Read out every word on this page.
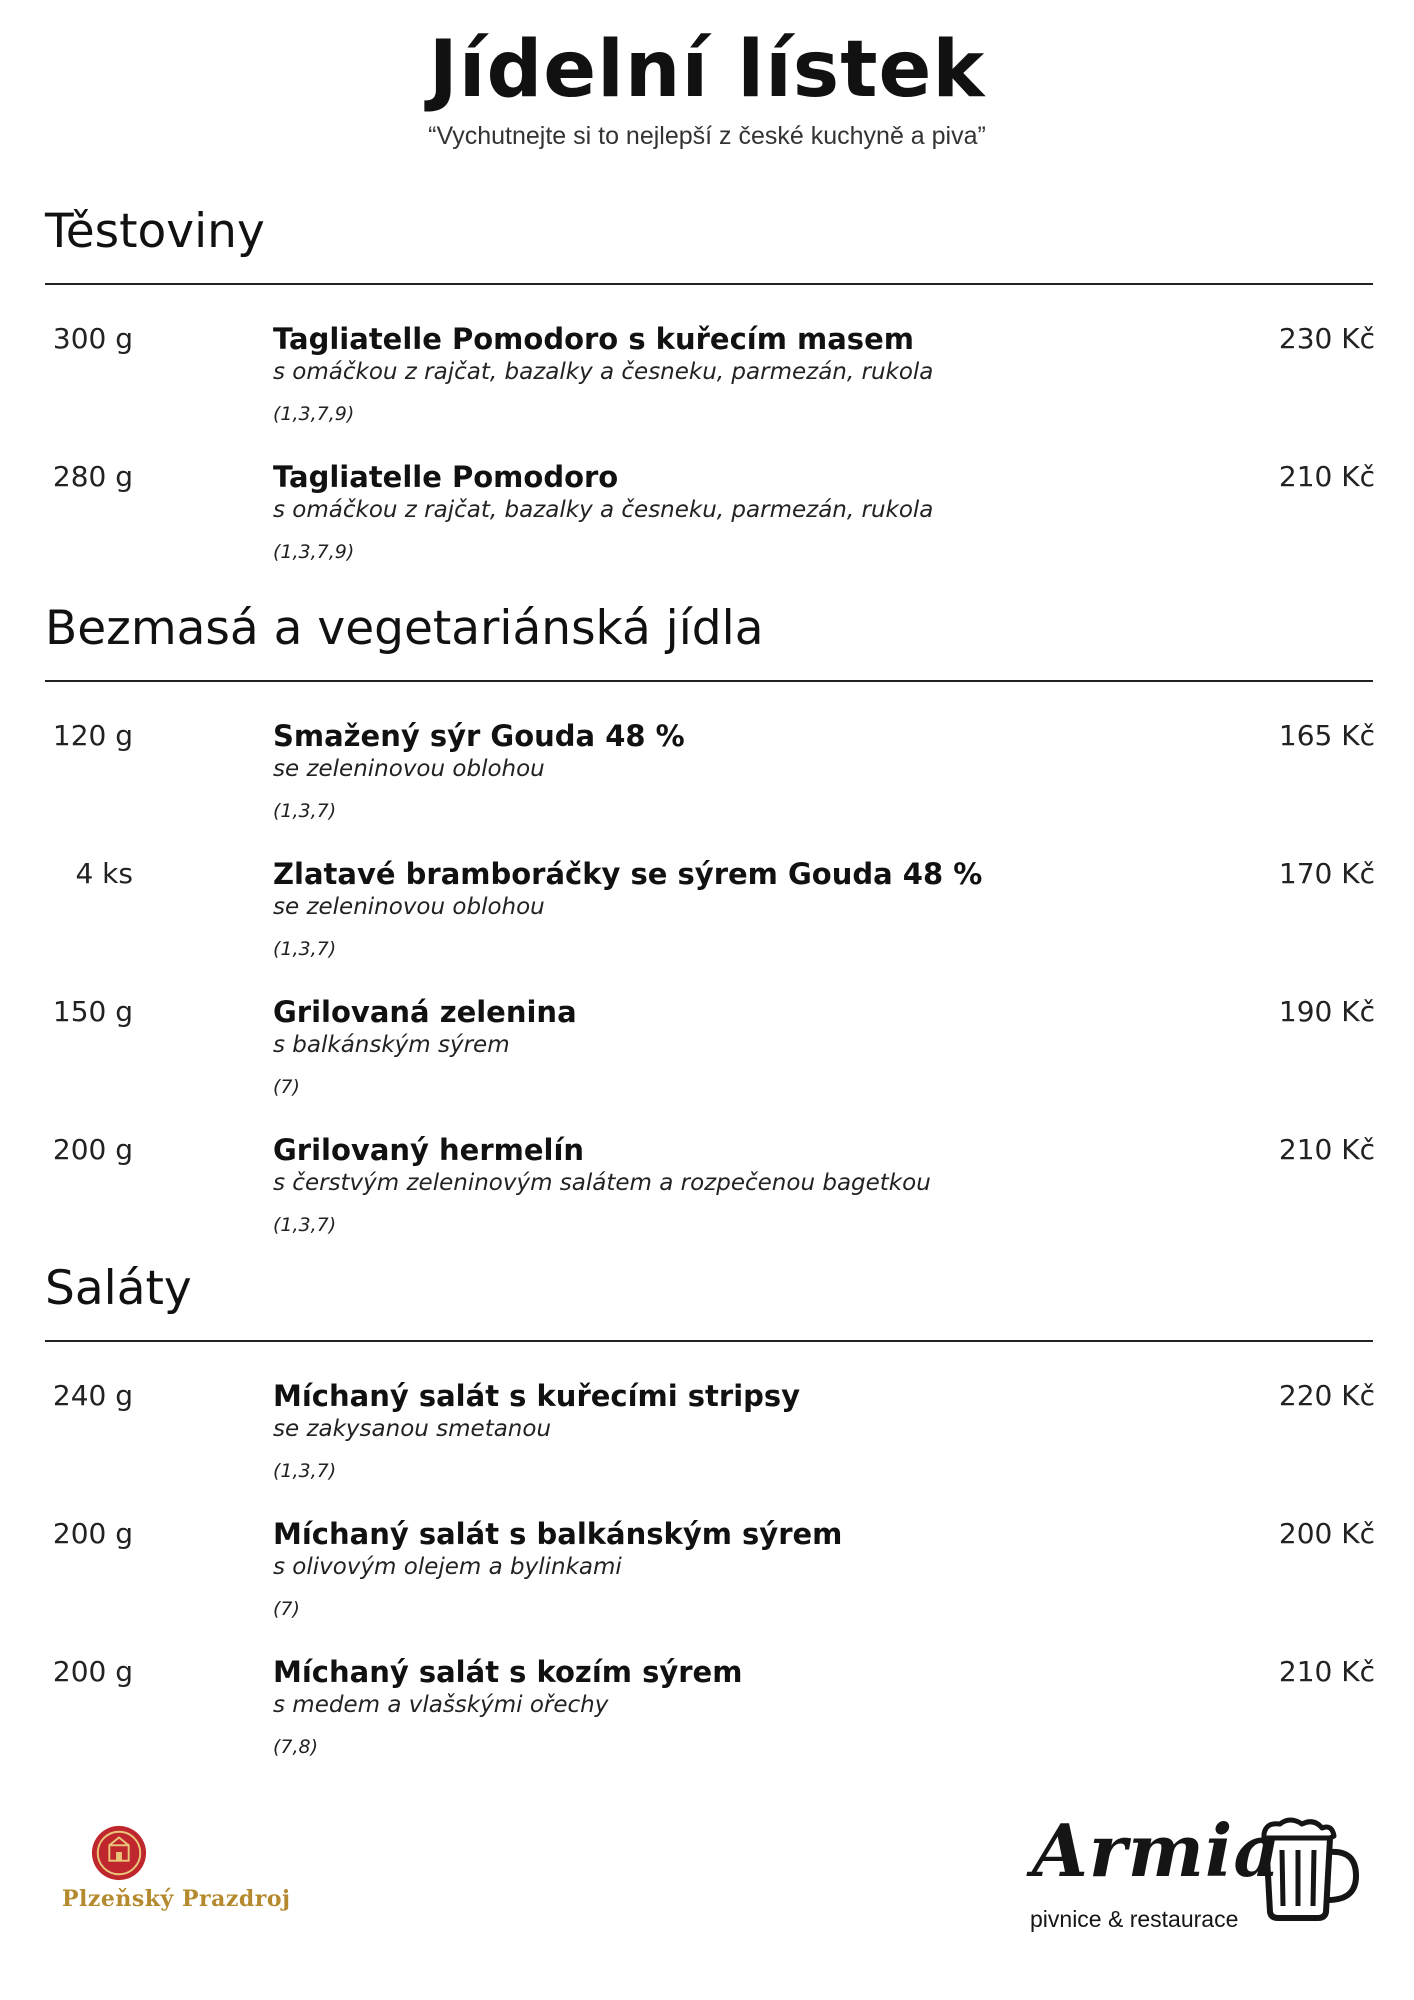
Jídelní lístek
“Vychutnejte si to nejlepší z české kuchyně a piva”
Těstoviny
300 g	Tagliatelle Pomodoro s kuřecím masem
s omáčkou z rajčat, bazalky a česneku, parmezán, rukola
(1,3,7,9)
230 Kč
280 g	Tagliatelle Pomodoro
s omáčkou z rajčat, bazalky a česneku, parmezán, rukola
(1,3,7,9)
210 Kč
Bezmasá a vegetariánská jídla
120 g	Smažený sýr Gouda 48 %
se zeleninovou oblohou
(1,3,7)
165 Kč
4 ks	Zlatavé bramboráčky se sýrem Gouda 48 %
se zeleninovou oblohou
(1,3,7)
170 Kč
150 g	Grilovaná zelenina
s balkánským sýrem
(7)
190 Kč
200 g	Grilovaný hermelín
s čerstvým zeleninovým salátem a rozpečenou bagetkou
(1,3,7)
210 Kč
Saláty
240 g	Míchaný salát s kuřecími stripsy
se zakysanou smetanou
(1,3,7)
220 Kč
200 g	Míchaný salát s balkánským sýrem
s olivovým olejem a bylinkami
(7)
200 Kč
200 g	Míchaný salát s kozím sýrem
s medem a vlašskými ořechy
(7,8)
210 Kč
Plzeňský Prazdroj
Armia
pivnice & restaurace
